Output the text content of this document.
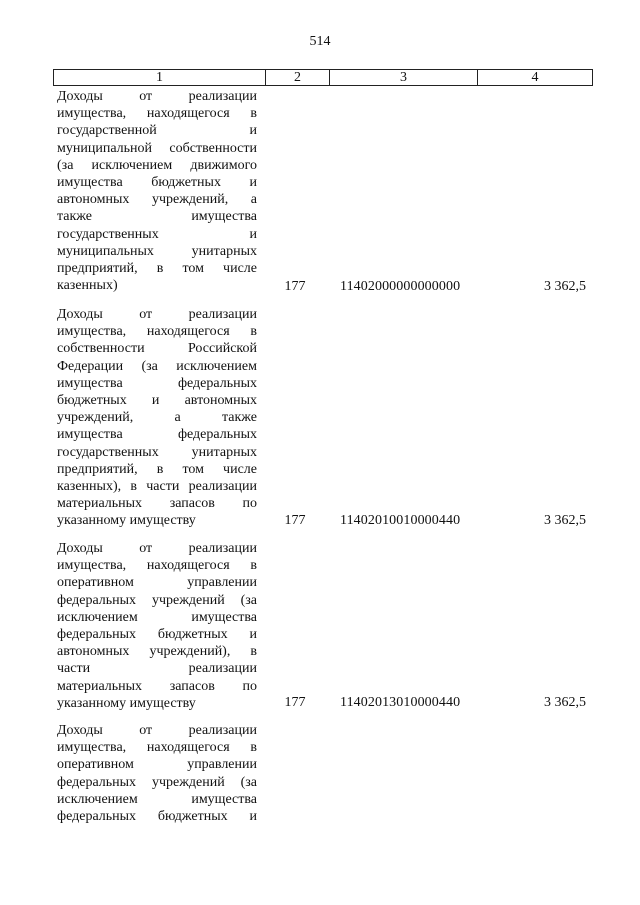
514
1	2	3	4
Доходы от реализации
имущества, находящегося в
государственной и
муниципальной собственности
(за исключением движимого
имущества бюджетных и
автономных учреждений, а
также имущества
государственных и
муниципальных унитарных
предприятий, в том числе
казенных)	177 11402000000000000	3 362,5
Доходы от реализации
имущества, находящегося в
собственности Российской
Федерации (за исключением
имущества федеральных
бюджетных и автономных
учреждений, а также
имущества федеральных
государственных унитарных
предприятий, в том числе
казенных), в части реализации
материальных запасов по
указанному имуществу	177 11402010010000440	3 362,5
Доходы от реализации
имущества, находящегося в
оперативном управлении
федеральных учреждений (за
исключением имущества
федеральных бюджетных и
автономных учреждений), в
части реализации
материальных запасов по
указанному имуществу	177 11402013010000440	3 362,5
Доходы от реализации
имущества, находящегося в
оперативном управлении
федеральных учреждений (за
исключением имущества
федеральных бюджетных и
